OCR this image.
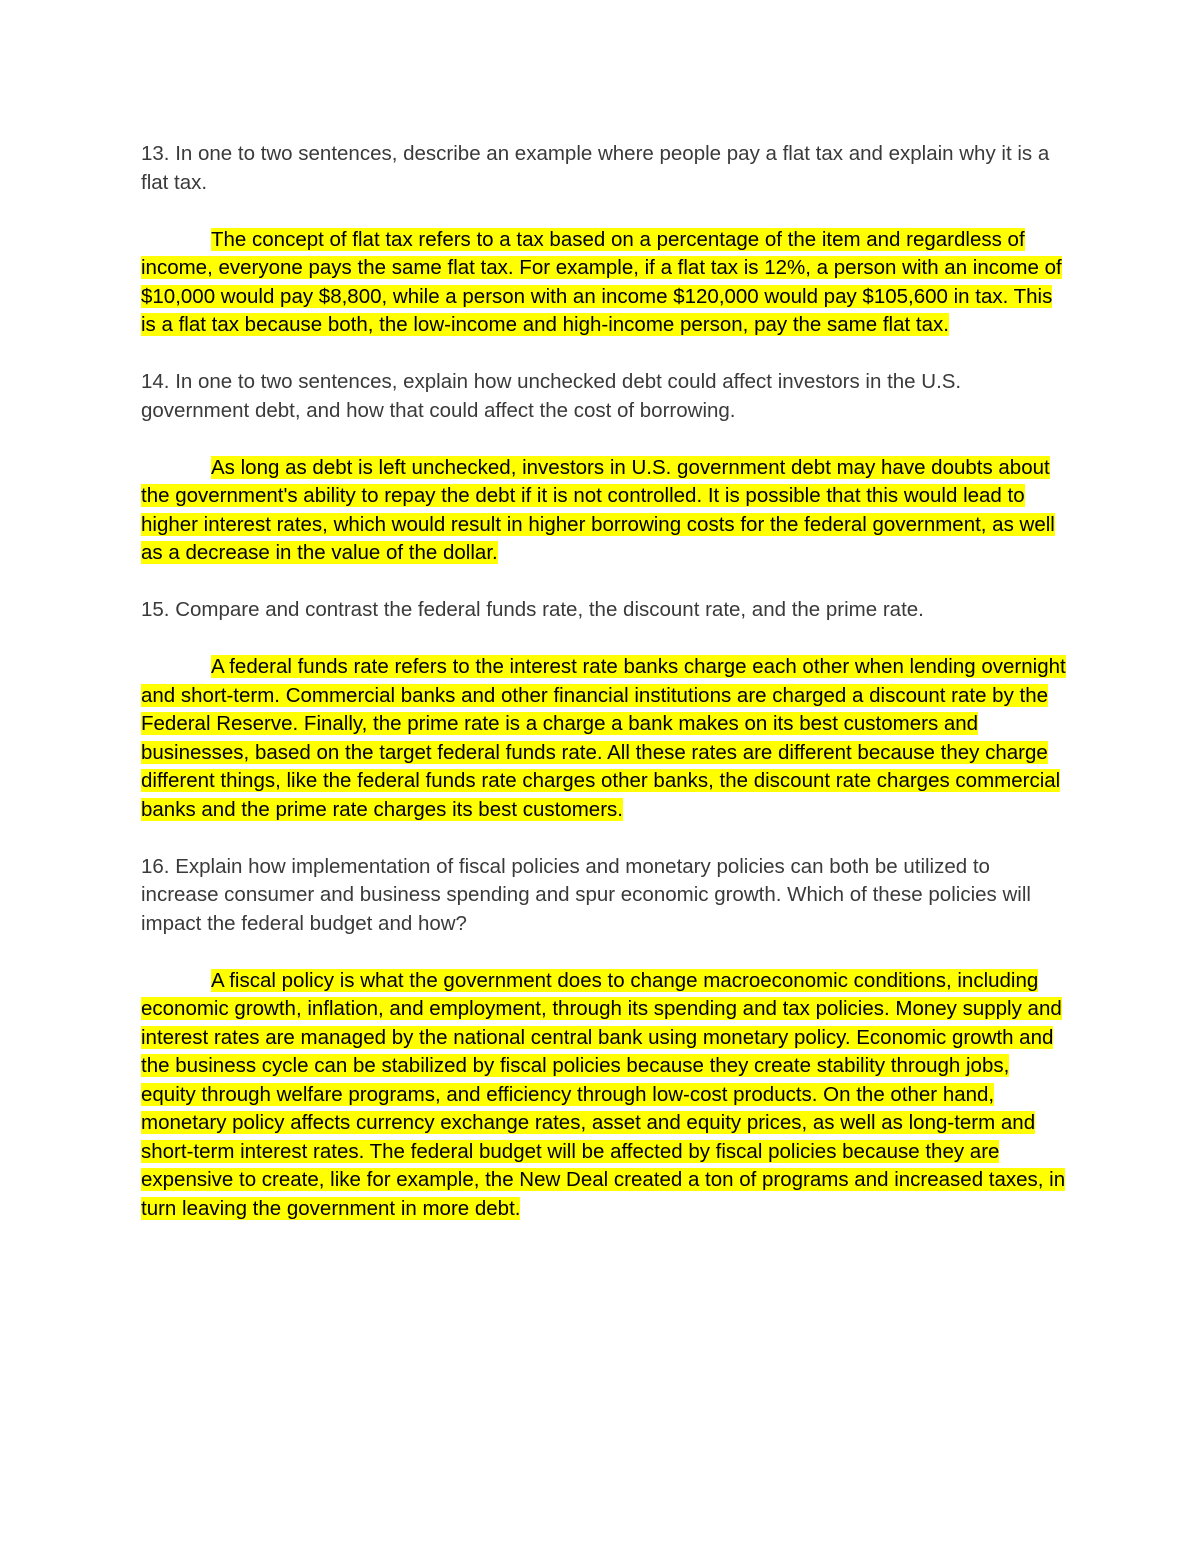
13. In one to two sentences, describe an example where people pay a flat tax and explain why it is a flat tax.

The concept of flat tax refers to a tax based on a percentage of the item and regardless of income, everyone pays the same flat tax. For example, if a flat tax is 12%, a person with an income of $10,000 would pay $8,800, while a person with an income $120,000 would pay $105,600 in tax. This is a flat tax because both, the low-income and high-income person, pay the same flat tax.

14. In one to two sentences, explain how unchecked debt could affect investors in the U.S. government debt, and how that could affect the cost of borrowing.

As long as debt is left unchecked, investors in U.S. government debt may have doubts about the government's ability to repay the debt if it is not controlled. It is possible that this would lead to higher interest rates, which would result in higher borrowing costs for the federal government, as well as a decrease in the value of the dollar.

15. Compare and contrast the federal funds rate, the discount rate, and the prime rate.

A federal funds rate refers to the interest rate banks charge each other when lending overnight and short-term. Commercial banks and other financial institutions are charged a discount rate by the Federal Reserve. Finally, the prime rate is a charge a bank makes on its best customers and businesses, based on the target federal funds rate. All these rates are different because they charge different things, like the federal funds rate charges other banks, the discount rate charges commercial banks and the prime rate charges its best customers.

16. Explain how implementation of fiscal policies and monetary policies can both be utilized to increase consumer and business spending and spur economic growth. Which of these policies will impact the federal budget and how?

A fiscal policy is what the government does to change macroeconomic conditions, including economic growth, inflation, and employment, through its spending and tax policies. Money supply and interest rates are managed by the national central bank using monetary policy. Economic growth and the business cycle can be stabilized by fiscal policies because they create stability through jobs, equity through welfare programs, and efficiency through low-cost products. On the other hand, monetary policy affects currency exchange rates, asset and equity prices, as well as long-term and short-term interest rates. The federal budget will be affected by fiscal policies because they are expensive to create, like for example, the New Deal created a ton of programs and increased taxes, in turn leaving the government in more debt.
